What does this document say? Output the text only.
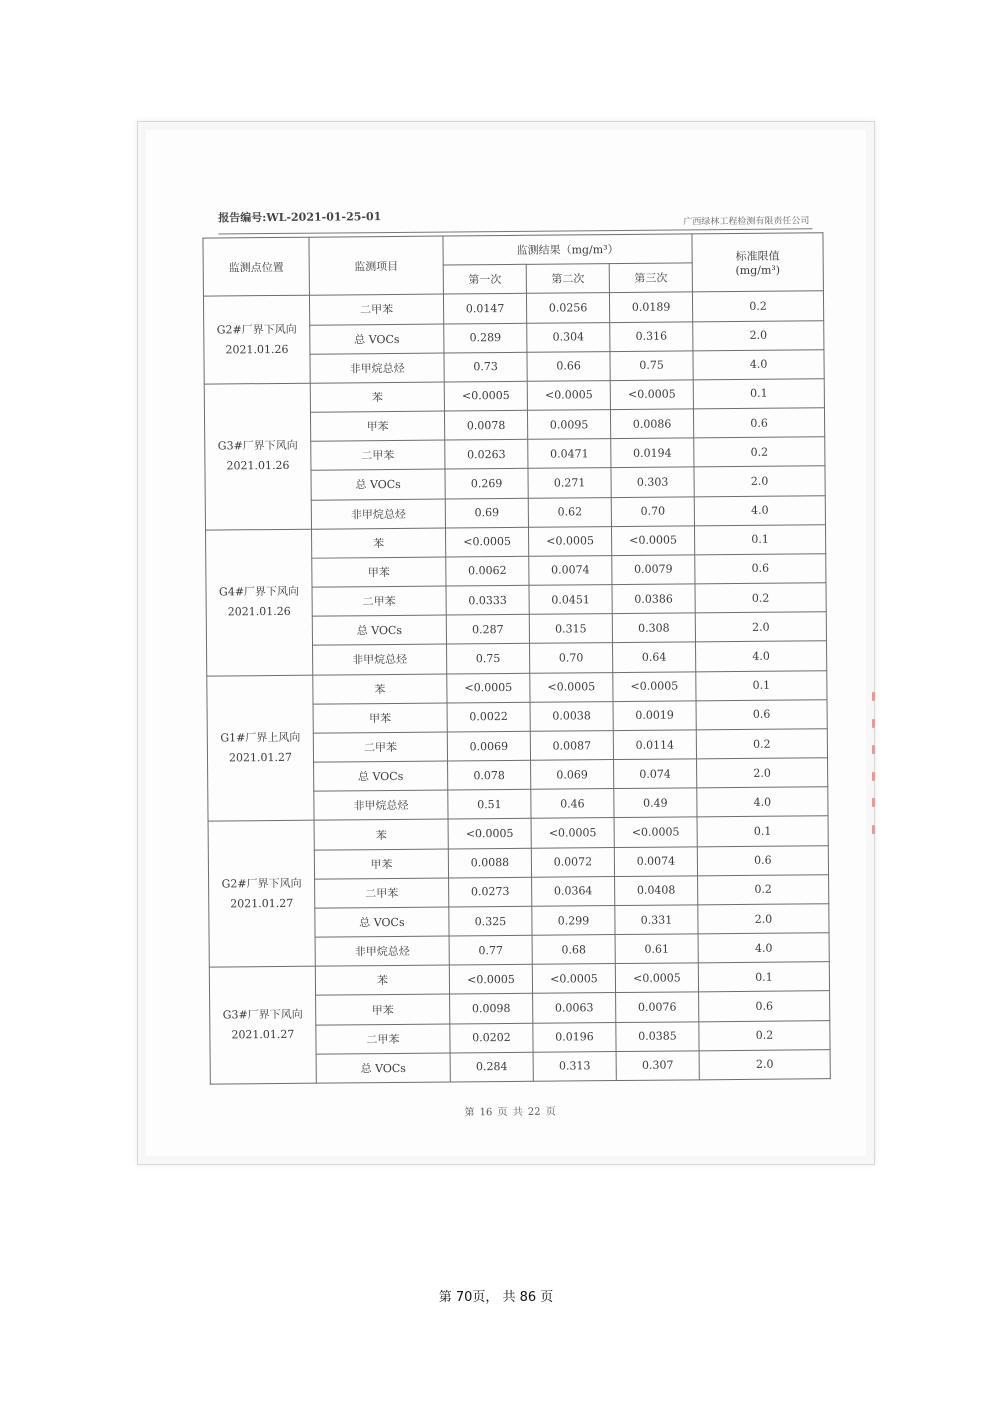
报告编号:WL-2021-01-25-01	广西绿林工程检测有限责任公司
监测点位置	监测项目	监测结果（mg/m³）			标准限值
(mg/m³)

		第一次	第二次	第三次	

G2#厂界下风向
2021.01.26	二甲苯	0.0147	0.0256	0.0189	0.2
	总 VOCs	0.289	0.304	0.316	2.0
	非甲烷总烃	0.73	0.66	0.75	4.0

G3#厂界下风向
2021.01.26	苯	<0.0005	<0.0005	<0.0005	0.1
	甲苯	0.0078	0.0095	0.0086	0.6
	二甲苯	0.0263	0.0471	0.0194	0.2
	总 VOCs	0.269	0.271	0.303	2.0
	非甲烷总烃	0.69	0.62	0.70	4.0

G4#厂界下风向
2021.01.26	苯	<0.0005	<0.0005	<0.0005	0.1
	甲苯	0.0062	0.0074	0.0079	0.6
	二甲苯	0.0333	0.0451	0.0386	0.2
	总 VOCs	0.287	0.315	0.308	2.0
	非甲烷总烃	0.75	0.70	0.64	4.0

G1#厂界上风向
2021.01.27	苯	<0.0005	<0.0005	<0.0005	0.1
	甲苯	0.0022	0.0038	0.0019	0.6
	二甲苯	0.0069	0.0087	0.0114	0.2
	总 VOCs	0.078	0.069	0.074	2.0
	非甲烷总烃	0.51	0.46	0.49	4.0

G2#厂界下风向
2021.01.27	苯	<0.0005	<0.0005	<0.0005	0.1
	甲苯	0.0088	0.0072	0.0074	0.6
	二甲苯	0.0273	0.0364	0.0408	0.2
	总 VOCs	0.325	0.299	0.331	2.0
	非甲烷总烃	0.77	0.68	0.61	4.0

G3#厂界下风向
2021.01.27	苯	<0.0005	<0.0005	<0.0005	0.1
	甲苯	0.0098	0.0063	0.0076	0.6
	二甲苯	0.0202	0.0196	0.0385	0.2
	总 VOCs	0.284	0.313	0.307	2.0
第 16 页 共 22 页
第 70页， 共 86 页
